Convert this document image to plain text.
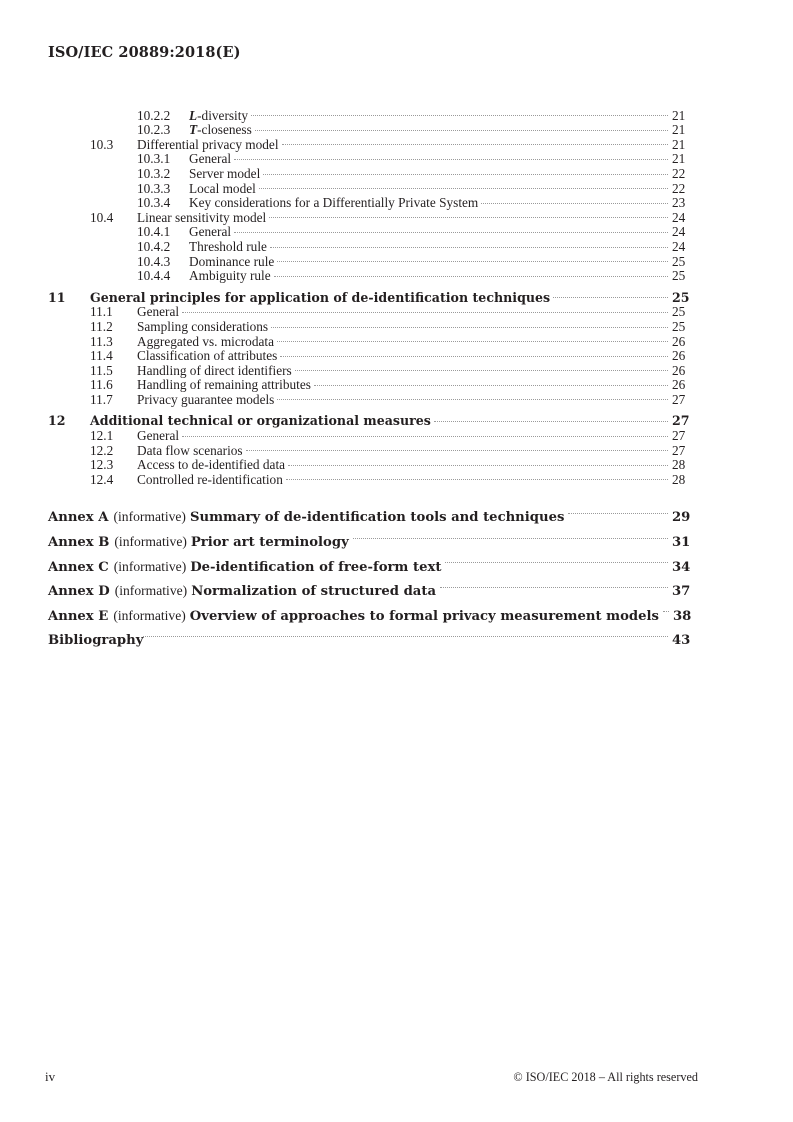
ISO/IEC 20889:2018(E)
10.2.2	L-diversity	21
10.2.3	T-closeness	21
10.3	Differential privacy model	21
10.3.1	General	21
10.3.2	Server model	22
10.3.3	Local model	22
10.3.4	Key considerations for a Differentially Private System	23
10.4	Linear sensitivity model	24
10.4.1	General	24
10.4.2	Threshold rule	24
10.4.3	Dominance rule	25
10.4.4	Ambiguity rule	25
11	General principles for application of de-identification techniques	25
11.1	General	25
11.2	Sampling considerations	25
11.3	Aggregated vs. microdata	26
11.4	Classification of attributes	26
11.5	Handling of direct identifiers	26
11.6	Handling of remaining attributes	26
11.7	Privacy guarantee models	27
12	Additional technical or organizational measures	27
12.1	General	27
12.2	Data flow scenarios	27
12.3	Access to de-identified data	28
12.4	Controlled re-identification	28
Annex A (informative) Summary of de-identification tools and techniques	29
Annex B (informative) Prior art terminology	31
Annex C (informative) De-identification of free-form text	34
Annex D (informative) Normalization of structured data	37
Annex E (informative) Overview of approaches to formal privacy measurement models	38
Bibliography	43
iv	© ISO/IEC 2018 – All rights reserved
